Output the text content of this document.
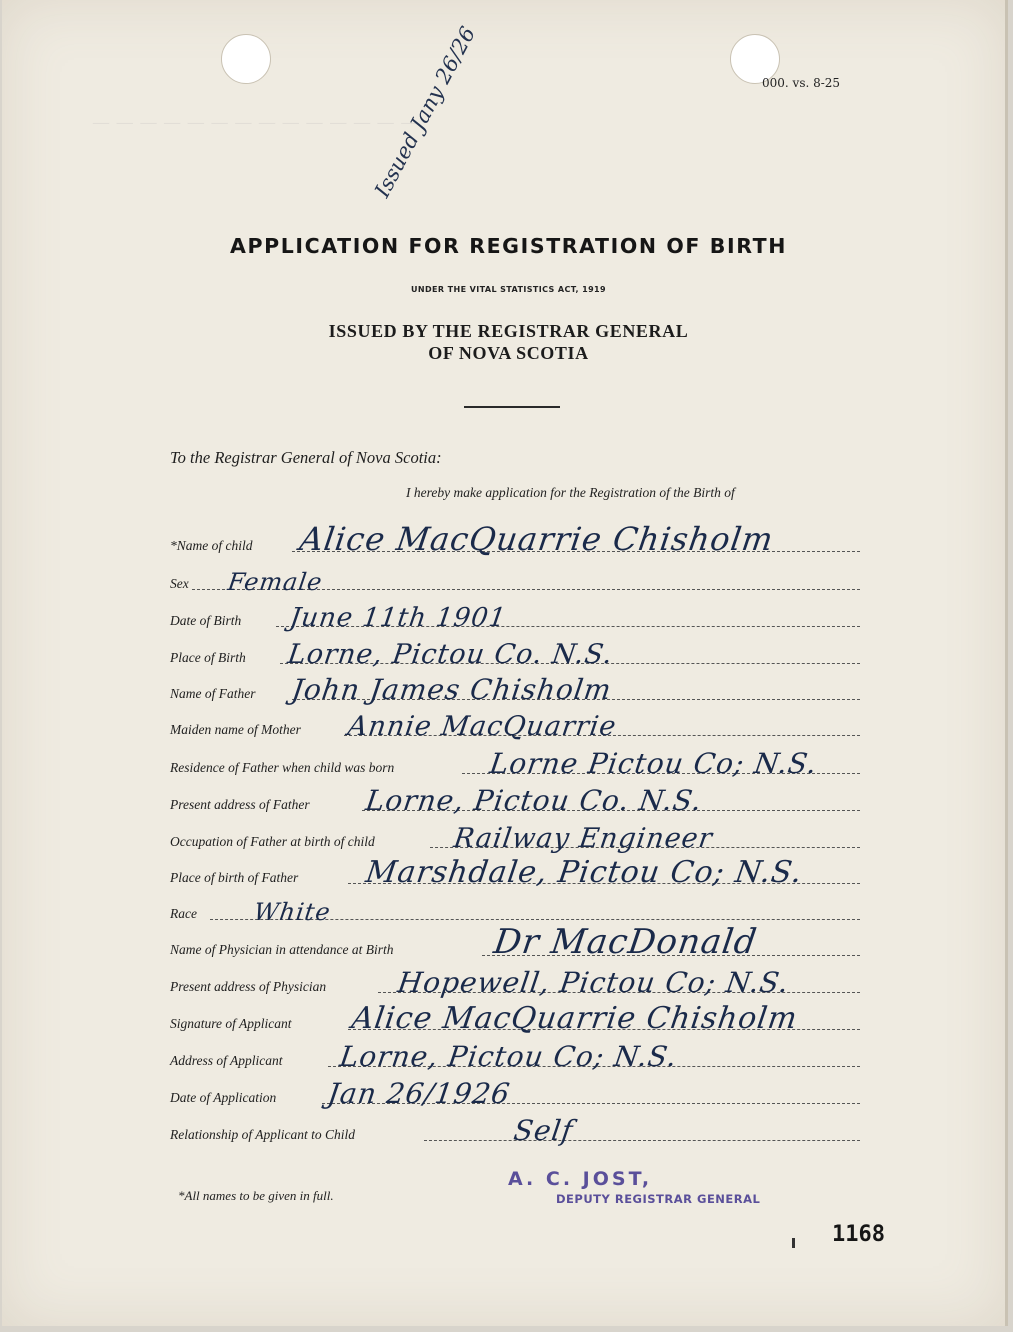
— — — — — — — — — — — — — —
000. vs. 8-25
Issued Jany 26/26
APPLICATION FOR REGISTRATION OF BIRTH
UNDER THE VITAL STATISTICS ACT, 1919
ISSUED BY THE REGISTRAR GENERAL
OF NOVA SCOTIA
To the Registrar General of Nova Scotia:
I hereby make application for the Registration of the Birth of
*Name of child Alice MacQuarrie Chisholm
Sex Female
Date of Birth June 11th 1901
Place of Birth Lorne, Pictou Co. N.S.
Name of Father John James Chisholm
Maiden name of Mother Annie MacQuarrie
Residence of Father when child was born	Lorne Pictou Co; N.S.
Present address of Father Lorne, Pictou Co. N.S.
Occupation of Father at birth of child	Railway Engineer
Place of birth of Father Marshdale, Pictou Co; N.S.
Race White
Name of Physician in attendance at Birth	Dr MacDonald
Present address of Physician Hopewell, Pictou Co; N.S.
Signature of Applicant Alice MacQuarrie Chisholm
Address of Applicant Lorne, Pictou Co; N.S.
Date of Application Jan 26/1926
Relationship of Applicant to Child	Self
*All names to be given in full.
A. C. JOST,
DEPUTY REGISTRAR GENERAL
1168
